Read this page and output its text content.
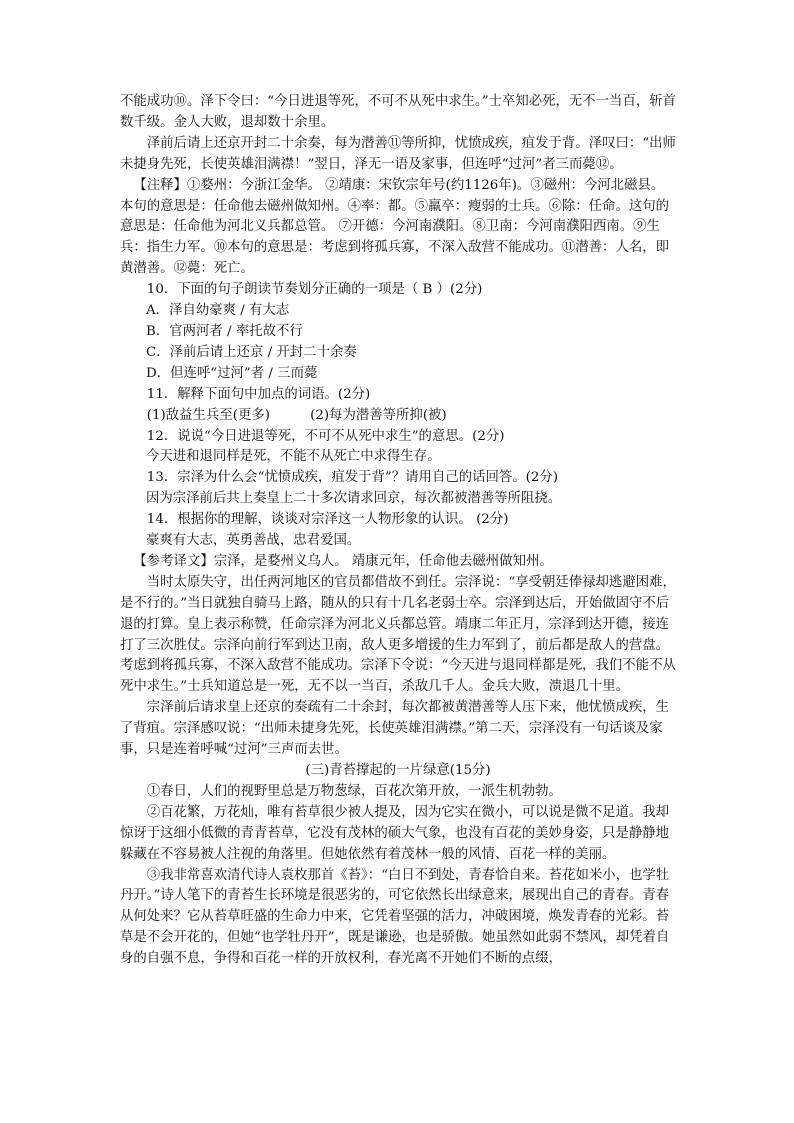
不能成功⑩。泽下令曰：“今日进退等死，不可不从死中求生。”士卒知必死，无不一当百，斩首数千级。金人大败，退却数十余里。

泽前后请上还京开封二十余奏，每为潜善⑪等所抑，忧愤成疾，疽发于背。泽叹曰：“出师未捷身先死，长使英雄泪满襟！”翌日，泽无一语及家事，但连呼“过河”者三而薨⑫。

【注释】①婺州：今浙江金华。 ②靖康：宋钦宗年号(约1126年)。③磁州：今河北磁县。本句的意思是：任命他去磁州做知州。④率：都。⑤羸卒：瘦弱的士兵。⑥除：任命。这句的意思是：任命他为河北义兵都总管。 ⑦开德：今河南濮阳。⑧卫南：今河南濮阳西南。⑨生兵：指生力军。⑩本句的意思是：考虑到将孤兵寡，不深入敌营不能成功。⑪潜善：人名，即黄潜善。⑫薨：死亡。

10．下面的句子朗读节奏划分正确的一项是（ B ）(2分)

A．泽自幼豪爽 / 有大志

B．官两河者 / 率托故不行

C．泽前后请上还京 / 开封二十余奏

D．但连呼“过河”者 / 三而薨

11．解释下面句中加点的词语。(2分)

(1)敌益生兵至(更多)　　　(2)每为潜善等所抑(被)

12．说说“今日进退等死，不可不从死中求生”的意思。(2分)

今天进和退同样是死，不能不从死亡中求得生存。

13．宗泽为什么会“忧愤成疾，疽发于背”？请用自己的话回答。(2分)

因为宗泽前后共上奏皇上二十多次请求回京，每次都被潜善等所阻挠。

14．根据你的理解，谈谈对宗泽这一人物形象的认识。 (2分)

豪爽有大志，英勇善战，忠君爱国。

【参考译文】宗泽，是婺州义乌人。 靖康元年，任命他去磁州做知州。

当时太原失守，出任两河地区的官员都借故不到任。宗泽说：“享受朝廷俸禄却逃避困难，是不行的。”当日就独自骑马上路，随从的只有十几名老弱士卒。宗泽到达后，开始做固守不后退的打算。皇上表示称赞，任命宗泽为河北义兵都总管。靖康二年正月，宗泽到达开德，接连打了三次胜仗。宗泽向前行军到达卫南，敌人更多增援的生力军到了，前后都是敌人的营盘。考虑到将孤兵寡，不深入敌营不能成功。宗泽下令说：“今天进与退同样都是死，我们不能不从死中求生。”士兵知道总是一死，无不以一当百，杀敌几千人。金兵大败，溃退几十里。

宗泽前后请求皇上还京的奏疏有二十余封，每次都被黄潜善等人压下来，他忧愤成疾，生了背疽。宗泽感叹说：“出师未捷身先死，长使英雄泪满襟。”第二天，宗泽没有一句话谈及家事，只是连着呼喊“过河”三声而去世。

(三)青苔撑起的一片绿意(15分)

①春日，人们的视野里总是万物葱绿，百花次第开放，一派生机勃勃。

②百花繁，万花灿，唯有苔草很少被人提及，因为它实在微小，可以说是微不足道。我却惊讶于这细小低微的青青苔草，它没有茂林的硕大气象，也没有百花的美妙身姿，只是静静地躲藏在不容易被人注视的角落里。但她依然有着茂林一般的风情、百花一样的美丽。

③我非常喜欢清代诗人袁枚那首《苔》：“白日不到处，青春恰自来。苔花如米小，也学牡丹开。”诗人笔下的青苔生长环境是很恶劣的，可它依然长出绿意来，展现出自己的青春。青春从何处来？它从苔草旺盛的生命力中来，它凭着坚强的活力，冲破困境，焕发青春的光彩。苔草是不会开花的，但她“也学牡丹开”，既是谦逊，也是骄傲。她虽然如此弱不禁风，却凭着自身的自强不息，争得和百花一样的开放权利，春光离不开她们不断的点缀，
